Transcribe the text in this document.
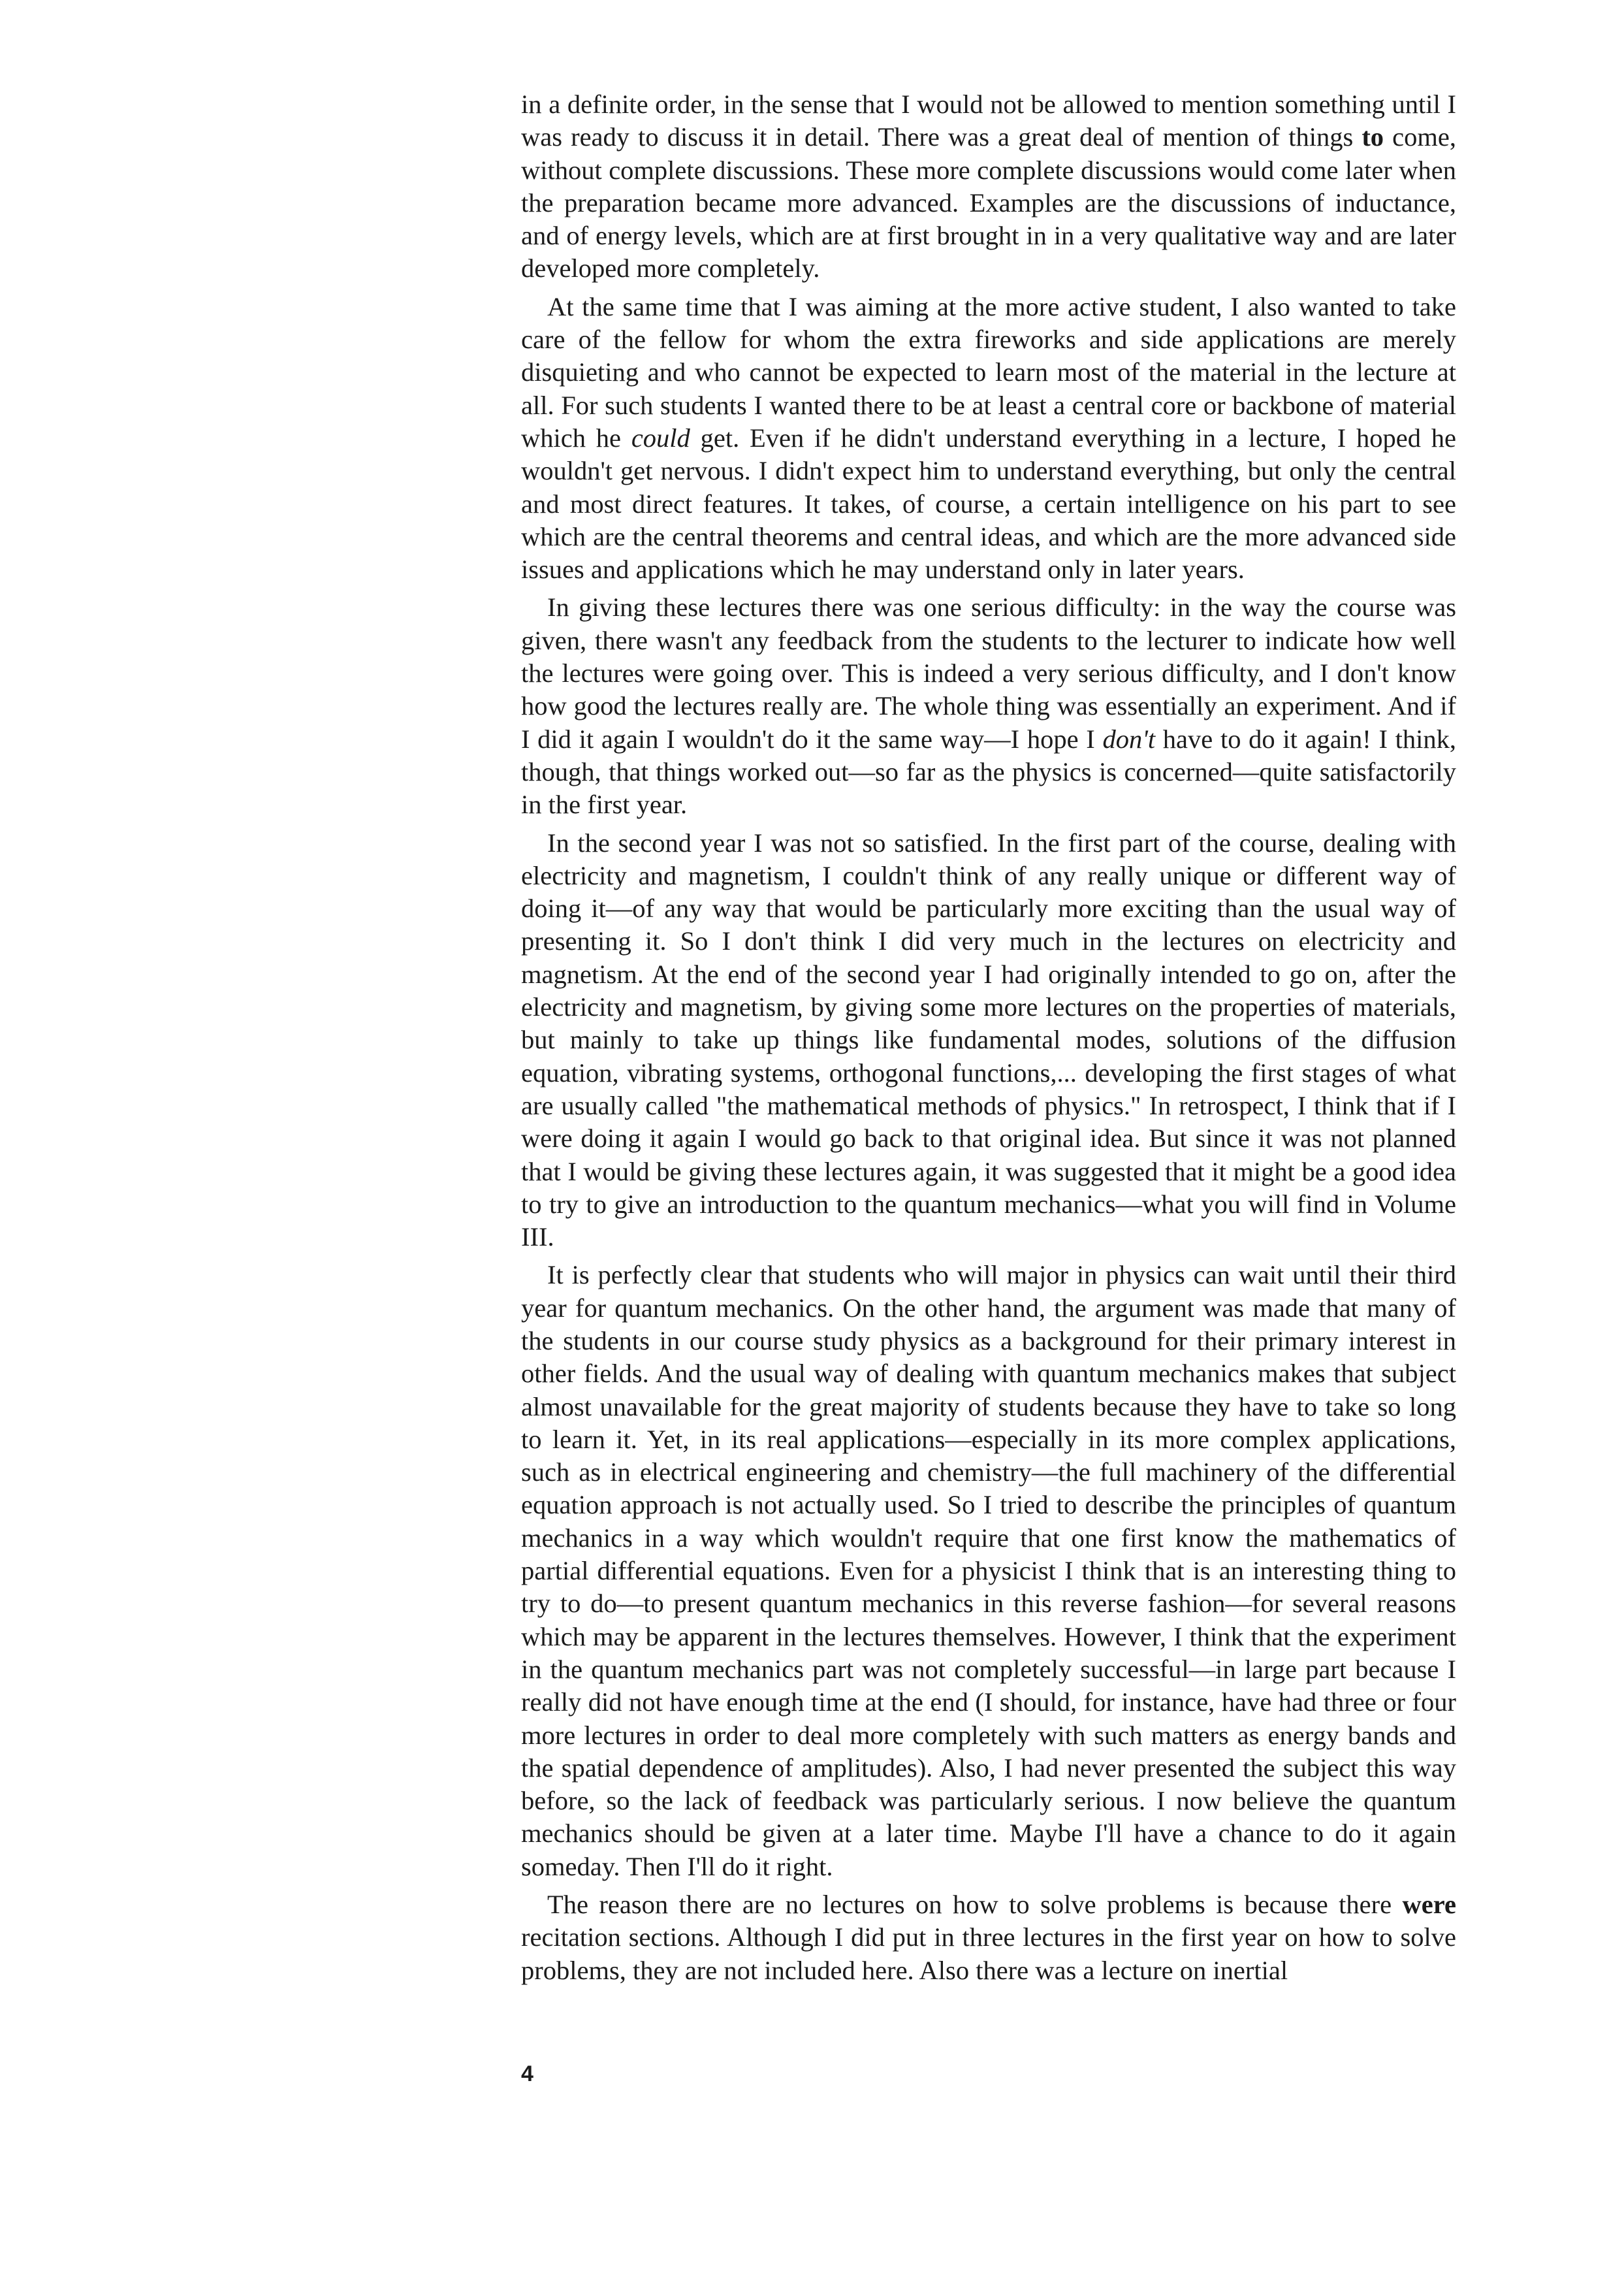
in a definite order, in the sense that I would not be allowed to mention something until I was ready to discuss it in detail. There was a great deal of mention of things to come, without complete discussions. These more complete discussions would come later when the preparation became more advanced. Examples are the discussions of inductance, and of energy levels, which are at first brought in in a very qualitative way and are later developed more completely.

At the same time that I was aiming at the more active student, I also wanted to take care of the fellow for whom the extra fireworks and side applications are merely disquieting and who cannot be expected to learn most of the material in the lecture at all. For such students I wanted there to be at least a central core or backbone of material which he could get. Even if he didn't understand everything in a lecture, I hoped he wouldn't get nervous. I didn't expect him to understand everything, but only the central and most direct features. It takes, of course, a certain intelligence on his part to see which are the central theorems and central ideas, and which are the more advanced side issues and applications which he may understand only in later years.

In giving these lectures there was one serious difficulty: in the way the course was given, there wasn't any feedback from the students to the lecturer to indicate how well the lectures were going over. This is indeed a very serious difficulty, and I don't know how good the lectures really are. The whole thing was essentially an experiment. And if I did it again I wouldn't do it the same way—I hope I don't have to do it again! I think, though, that things worked out—so far as the physics is concerned—quite satisfactorily in the first year.

In the second year I was not so satisfied. In the first part of the course, dealing with electricity and magnetism, I couldn't think of any really unique or different way of doing it—of any way that would be particularly more exciting than the usual way of presenting it. So I don't think I did very much in the lectures on electricity and magnetism. At the end of the second year I had originally intended to go on, after the electricity and magnetism, by giving some more lectures on the properties of materials, but mainly to take up things like fundamental modes, solutions of the diffusion equation, vibrating systems, orthogonal functions,... developing the first stages of what are usually called "the mathematical methods of physics." In retrospect, I think that if I were doing it again I would go back to that original idea. But since it was not planned that I would be giving these lectures again, it was suggested that it might be a good idea to try to give an introduction to the quantum mechanics—what you will find in Volume III.

It is perfectly clear that students who will major in physics can wait until their third year for quantum mechanics. On the other hand, the argument was made that many of the students in our course study physics as a background for their primary interest in other fields. And the usual way of dealing with quantum mechanics makes that subject almost unavailable for the great majority of students because they have to take so long to learn it. Yet, in its real applications—especially in its more complex applications, such as in electrical engineering and chemistry—the full machinery of the differential equation approach is not actually used. So I tried to describe the principles of quantum mechanics in a way which wouldn't require that one first know the mathematics of partial differential equations. Even for a physicist I think that is an interesting thing to try to do—to present quantum mechanics in this reverse fashion—for several reasons which may be apparent in the lectures themselves. However, I think that the experiment in the quantum mechanics part was not completely successful—in large part because I really did not have enough time at the end (I should, for instance, have had three or four more lectures in order to deal more completely with such matters as energy bands and the spatial dependence of amplitudes). Also, I had never presented the subject this way before, so the lack of feedback was particularly serious. I now believe the quantum mechanics should be given at a later time. Maybe I'll have a chance to do it again someday. Then I'll do it right.

The reason there are no lectures on how to solve problems is because there were recitation sections. Although I did put in three lectures in the first year on how to solve problems, they are not included here. Also there was a lecture on inertial

4
